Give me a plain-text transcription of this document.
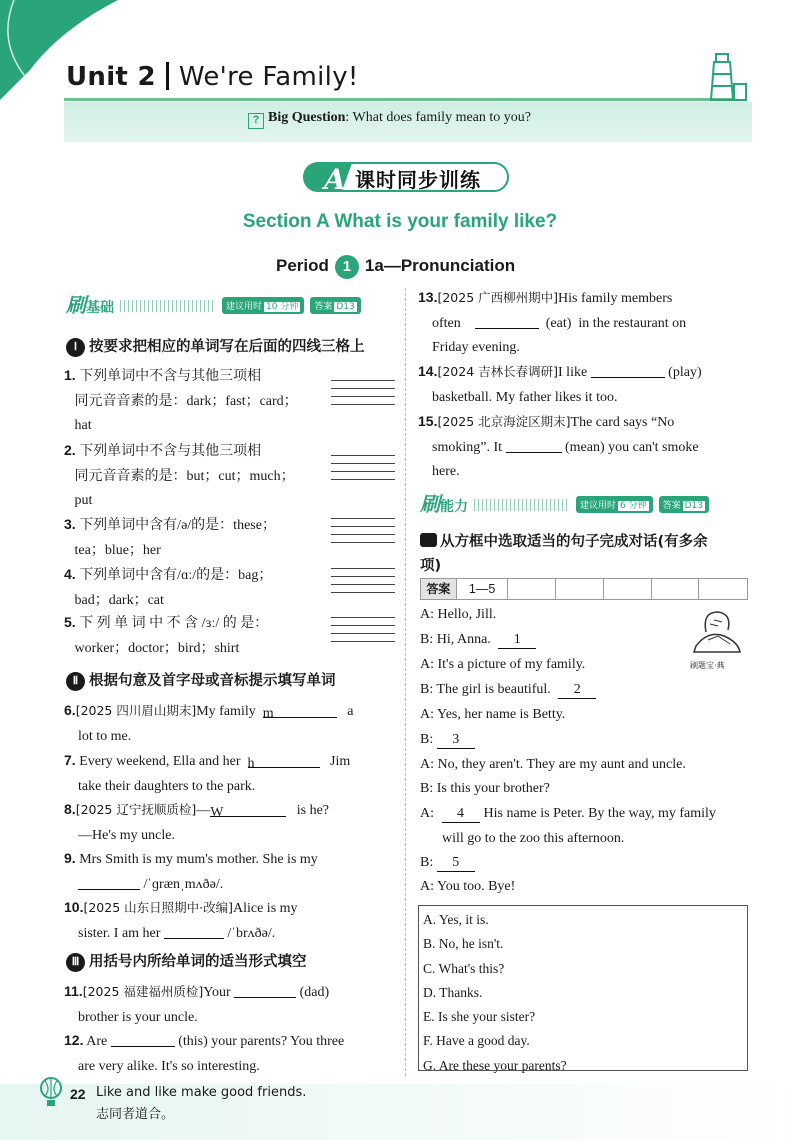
Unit 2 We're Family!
? Big Question: What does family mean to you?
A 课时同步训练
Section A What is your family like?
Period 1 1a—Pronunciation
刷基础	建议用时 10 分钟 答案 D13
Ⅰ 按要求把相应的单词写在后面的四线三格上
1. 下列单词中不含与其他三项相
同元音音素的是：dark；fast；card；
hat
2. 下列单词中不含与其他三项相
同元音音素的是：but；cut；much；
put
3. 下列单词中含有/ə/的是：these；
tea；blue；her
4. 下列单词中含有/ɑː/的是：bag；
bad；dark；cat
5. 下 列 单 词 中 不 含 /ɜː/ 的 是：
worker；doctor；bird；shirt
Ⅱ 根据句意及首字母或音标提示填写单词
6.[2025 四川眉山期末]My family m	a
lot to me.
7. Every weekend, Ella and her h	Jim
take their daughters to the park.
8.[2025 辽宁抚顺质检]—W	is he?
—He's my uncle.
9. Mrs Smith is my mum's mother. She is my
/ˈɡrænˌmʌðə/.
10.[2025 山东日照期中·改编]Alice is my
sister. I am her	/ˈbrʌðə/.
Ⅲ 用括号内所给单词的适当形式填空
11.[2025 福建福州质检]Your	(dad)
brother is your uncle.
12. Are	(this) your parents? You three
are very alike. It's so interesting.
13.[2025 广西柳州期中]His family members
often	(eat) in the restaurant on
Friday evening.
14.[2024 吉林长春调研]I like	(play)
basketball. My father likes it too.
15.[2025 北京海淀区期末]The card says “No
smoking”. It	(mean) you can't smoke
here.
刷能力	建议用时 6 分钟 答案 D13
从方框中选取适当的句子完成对话(有多余
项)
答案	1—5
A: Hello, Jill.
B: Hi, Anna. 1
A: It's a picture of my family.
B: The girl is beautiful. 2
A: Yes, her name is Betty.
B: 3
A: No, they aren't. They are my aunt and uncle.
B: Is this your brother?
A: 4 His name is Peter. By the way, my family
will go to the zoo this afternoon.
B: 5
A: You too. Bye!
刷题宝·典
A. Yes, it is.
B. No, he isn't.
C. What's this?
D. Thanks.
E. Is she your sister?
F. Have a good day.
G. Are these your parents?
22 Like and like make good friends.
志同者道合。
